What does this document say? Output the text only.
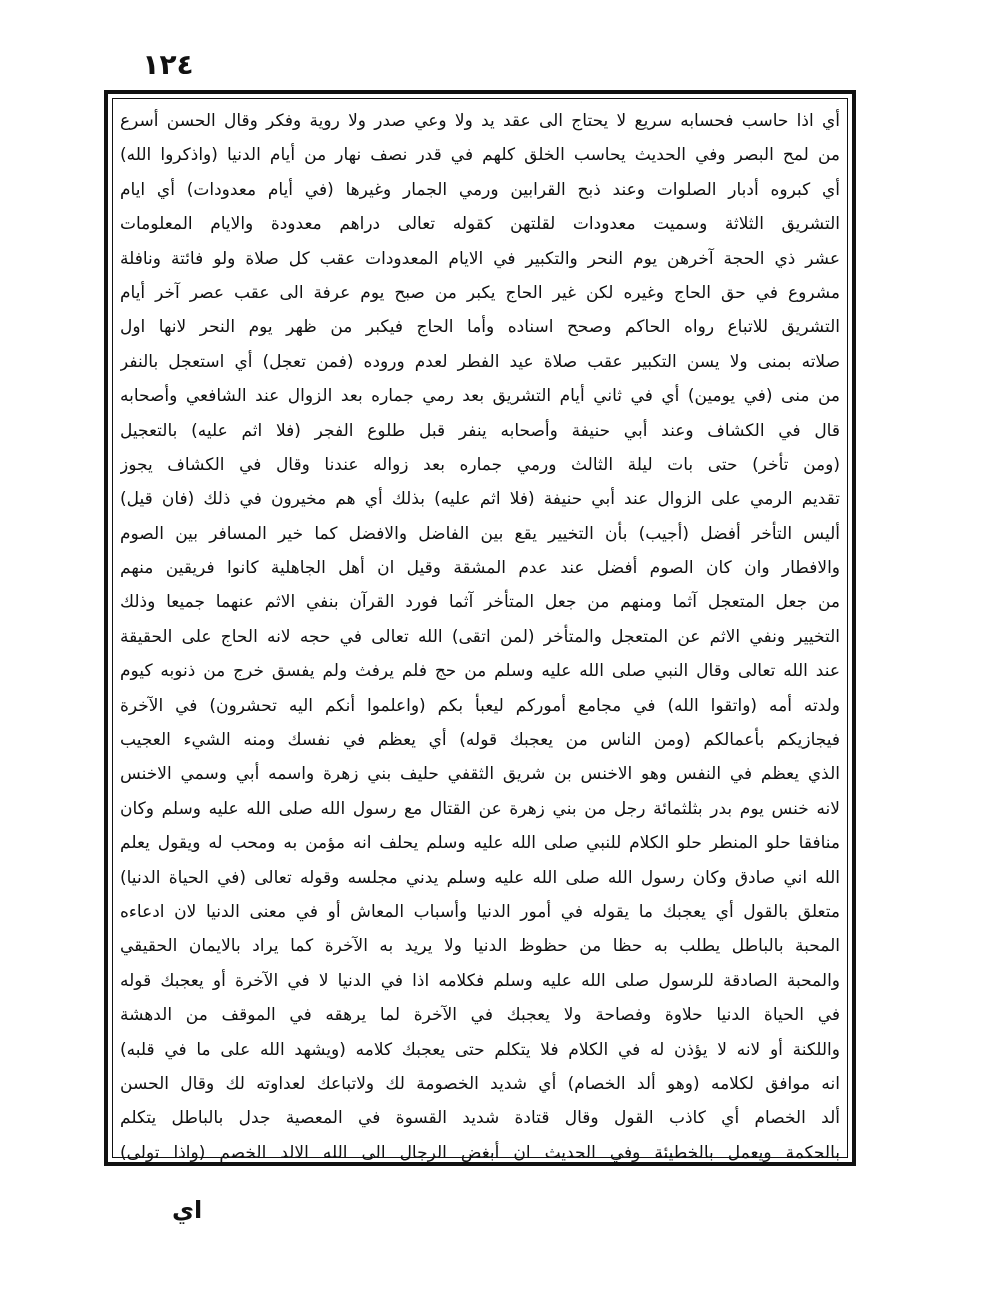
١٢٤
أي اذا حاسب فحسابه سريع لا يحتاج الى عقد يد ولا وعي صدر ولا روية وفكر وقال الحسن أسرع
من لمح البصر وفي الحديث يحاسب الخلق كلهم في قدر نصف نهار من أيام الدنيا (واذكروا الله)
أي كبروه أدبار الصلوات وعند ذبح القرابين ورمي الجمار وغيرها (في أيام معدودات) أي ايام
التشريق الثلاثة وسميت معدودات لقلتهن كقوله تعالى دراهم معدودة والايام المعلومات
عشر ذي الحجة آخرهن يوم النحر والتكبير في الايام المعدودات عقب كل صلاة ولو فائتة ونافلة
مشروع في حق الحاج وغيره لكن غير الحاج يكبر من صبح يوم عرفة الى عقب عصر آخر أيام
التشريق للاتباع رواه الحاكم وصحح اسناده وأما الحاج فيكبر من ظهر يوم النحر لانها اول
صلاته بمنى ولا يسن التكبير عقب صلاة عيد الفطر لعدم وروده (فمن تعجل) أي استعجل بالنفر
من منى (في يومين) أي في ثاني أيام التشريق بعد رمي جماره بعد الزوال عند الشافعي وأصحابه
قال في الكشاف وعند أبي حنيفة وأصحابه ينفر قبل طلوع الفجر (فلا اثم عليه) بالتعجيل
(ومن تأخر) حتى بات ليلة الثالث ورمي جماره بعد زواله عندنا وقال في الكشاف يجوز
تقديم الرمي على الزوال عند أبي حنيفة (فلا اثم عليه) بذلك أي هم مخيرون في ذلك (فان قيل)
أليس التأخر أفضل (أجيب) بأن التخيير يقع بين الفاضل والافضل كما خير المسافر بين الصوم
والافطار وان كان الصوم أفضل عند عدم المشقة وقيل ان أهل الجاهلية كانوا فريقين منهم
من جعل المتعجل آثما ومنهم من جعل المتأخر آثما فورد القرآن بنفي الاثم عنهما جميعا وذلك
التخيير ونفي الاثم عن المتعجل والمتأخر (لمن اتقى) الله تعالى في حجه لانه الحاج على الحقيقة
عند الله تعالى وقال النبي صلى الله عليه وسلم من حج فلم يرفث ولم يفسق خرج من ذنوبه كيوم
ولدته أمه (واتقوا الله) في مجامع أموركم ليعبأ بكم (واعلموا أنكم اليه تحشرون) في الآخرة
فيجازيكم بأعمالكم (ومن الناس من يعجبك قوله) أي يعظم في نفسك ومنه الشيء العجيب
الذي يعظم في النفس وهو الاخنس بن شريق الثقفي حليف بني زهرة واسمه أبي وسمي الاخنس
لانه خنس يوم بدر بثلثمائة رجل من بني زهرة عن القتال مع رسول الله صلى الله عليه وسلم وكان
منافقا حلو المنطر حلو الكلام للنبي صلى الله عليه وسلم يحلف انه مؤمن به ومحب له ويقول يعلم
الله اني صادق وكان رسول الله صلى الله عليه وسلم يدني مجلسه وقوله تعالى (في الحياة الدنيا)
متعلق بالقول أي يعجبك ما يقوله في أمور الدنيا وأسباب المعاش أو في معنى الدنيا لان ادعاءه
المحبة بالباطل يطلب به حظا من حظوظ الدنيا ولا يريد به الآخرة كما يراد بالايمان الحقيقي
والمحبة الصادقة للرسول صلى الله عليه وسلم فكلامه اذا في الدنيا لا في الآخرة أو يعجبك قوله
في الحياة الدنيا حلاوة وفصاحة ولا يعجبك في الآخرة لما يرهقه في الموقف من الدهشة
واللكنة أو لانه لا يؤذن له في الكلام فلا يتكلم حتى يعجبك كلامه (ويشهد الله على ما في قلبه)
انه موافق لكلامه (وهو ألد الخصام) أي شديد الخصومة لك ولاتباعك لعداوته لك وقال الحسن
ألد الخصام أي كاذب القول وقال قتادة شديد القسوة في المعصية جدل بالباطل يتكلم
بالحكمة ويعمل بالخطيئة وفي الحديث ان أبغض الرجال الى الله الالد الخصم (واذا تولى)
اي
